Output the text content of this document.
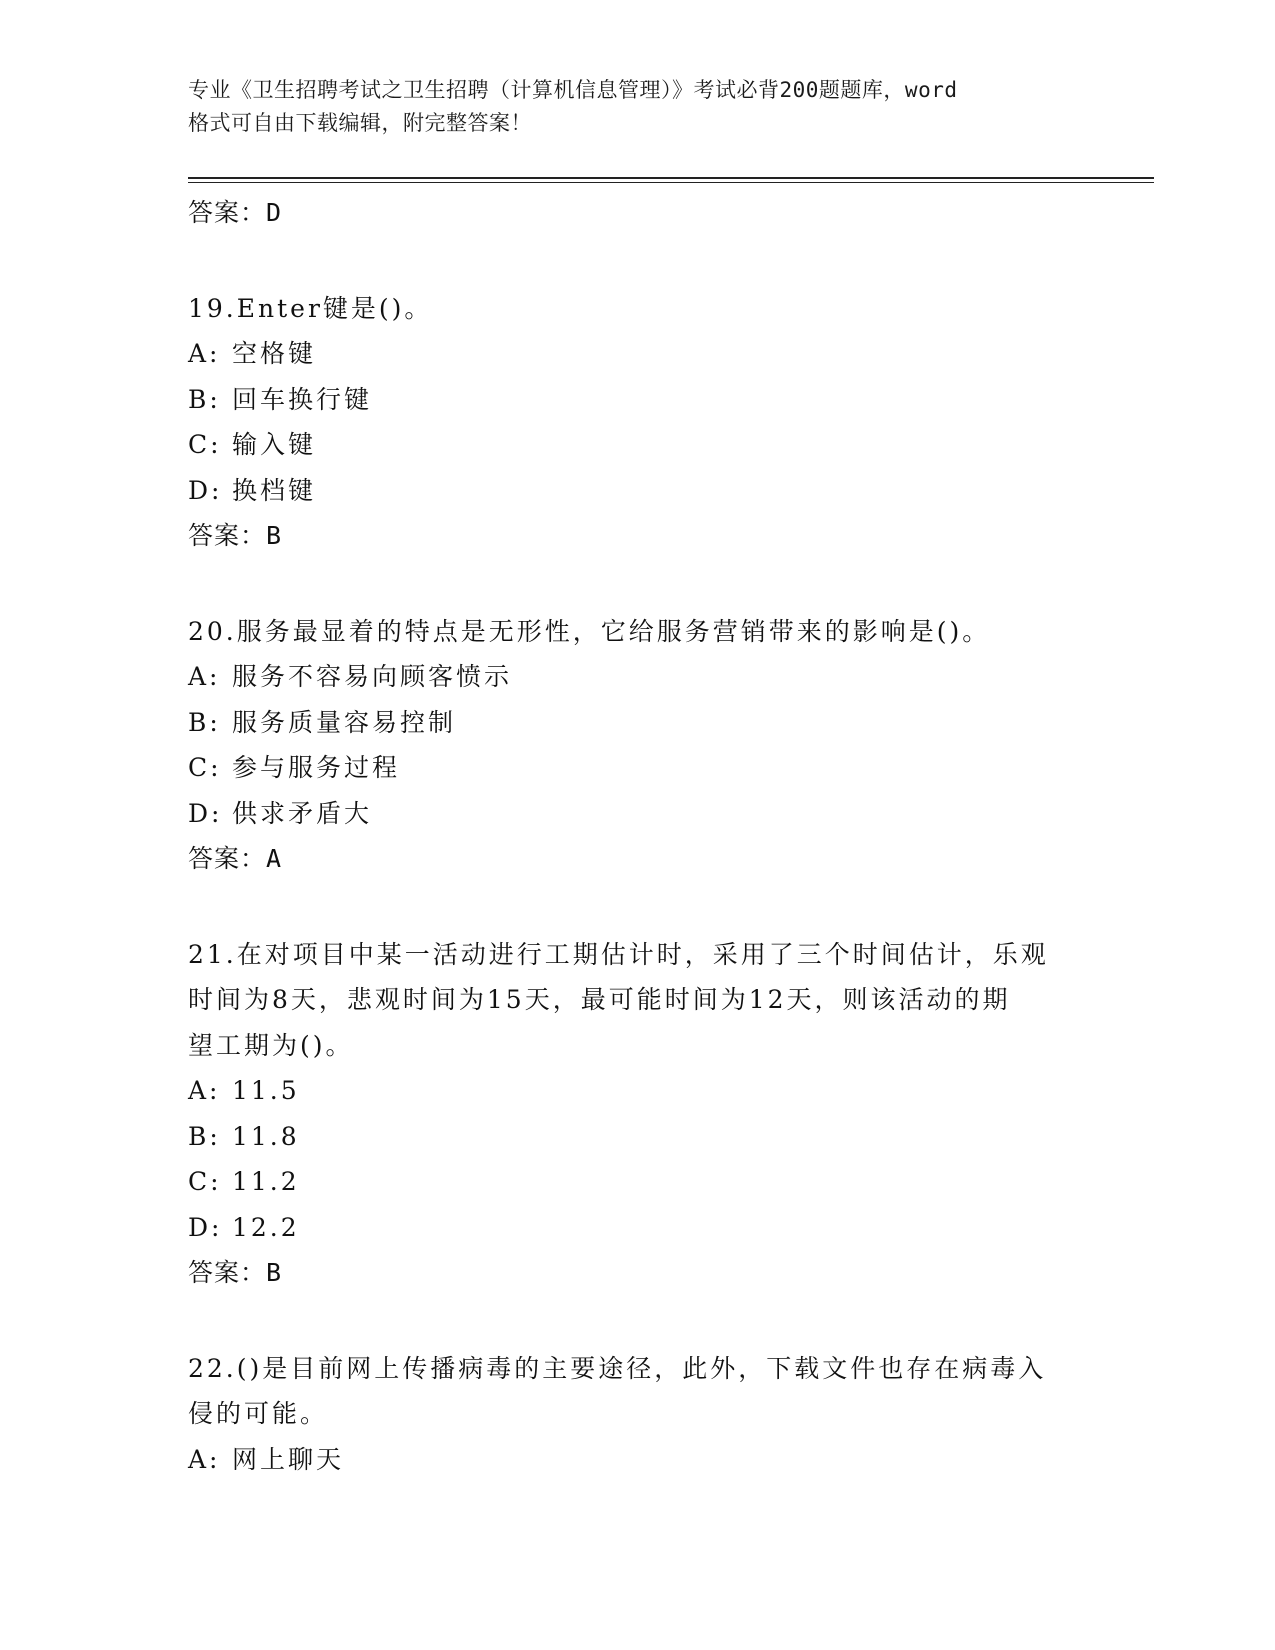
专业《卫生招聘考试之卫生招聘（计算机信息管理）》考试必背200题题库，word
格式可自由下载编辑，附完整答案！
答案：D
19.Enter键是()。
A: 空格键
B: 回车换行键
C: 输入键
D: 换档键
答案：B
20.服务最显着的特点是无形性，它给服务营销带来的影响是()。
A: 服务不容易向顾客愤示
B: 服务质量容易控制
C: 参与服务过程
D: 供求矛盾大
答案：A
21.在对项目中某一活动进行工期估计时，采用了三个时间估计，乐观
时间为8天，悲观时间为15天，最可能时间为12天，则该活动的期
望工期为()。
A: 11.5
B: 11.8
C: 11.2
D: 12.2
答案：B
22.()是目前网上传播病毒的主要途径，此外，下载文件也存在病毒入
侵的可能。
A: 网上聊天
